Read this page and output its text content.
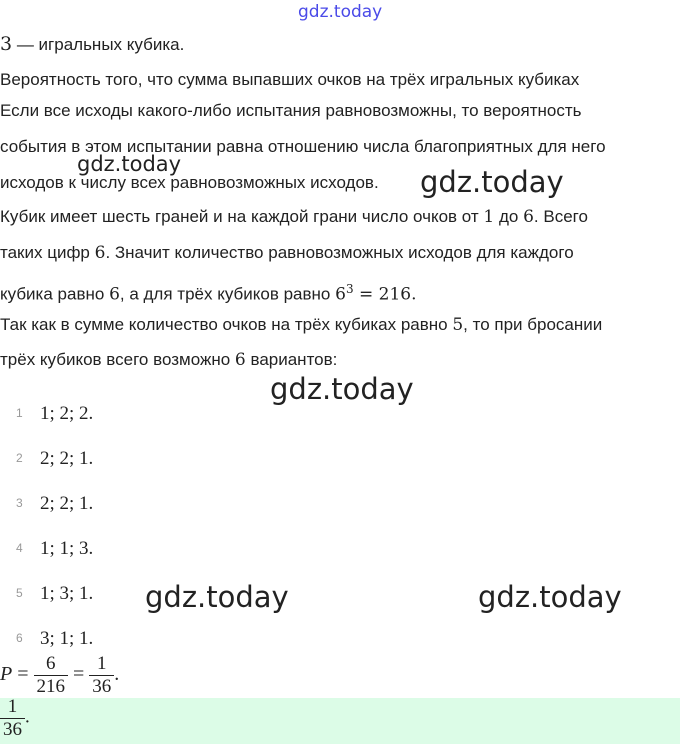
gdz.today
3 — игральных кубика.
Вероятность того, что сумма выпавших очков на трёх игральных кубиках
Если все исходы какого-либо испытания равновозможны, то вероятность
события в этом испытании равна отношению числа благоприятных для него
исходов к числу всех равновозможных исходов.
Кубик имеет шесть граней и на каждой грани число очков от 1 до 6. Всего
таких цифр 6. Значит количество равновозможных исходов для каждого
кубика равно 6, а для трёх кубиков равно $6^3 = 216$.
Так как в сумме количество очков на трёх кубиках равно 5, то при бросании
трёх кубиков всего возможно 6 вариантов:
gdz.today
gdz.today
gdz.today
gdz.today	gdz.today
1 1; 2; 2.
2 2; 2; 1.
3 2; 2; 1.
4 1; 1; 3.
5 1; 3; 1.
6 3; 1; 1.
$P = \frac{6}{216} = \frac{1}{36}$ .
$\frac{1}{36}$ .
